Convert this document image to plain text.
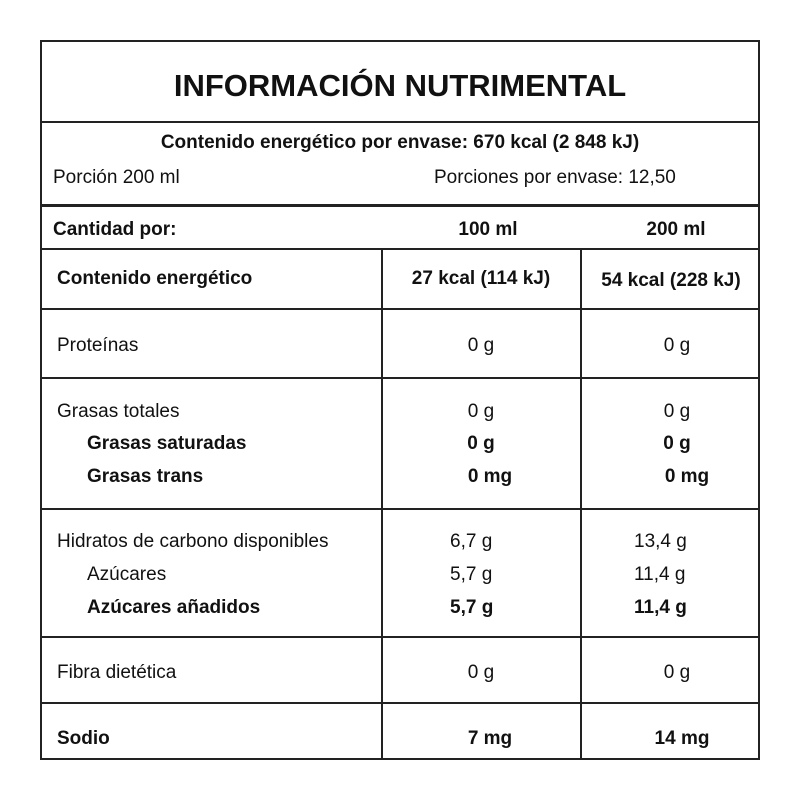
INFORMACIÓN NUTRIMENTAL
Contenido energético por envase: 670 kcal (2 848 kJ)
Porción 200 ml	Porciones por envase: 12,50
Cantidad por:	100 ml	200 ml
Contenido energético	27 kcal (114 kJ)	54 kcal (228 kJ)
Proteínas	0 g	0 g
Grasas totales	0 g	0 g
Grasas saturadas	0 g	0 g
Grasas trans	0 mg	0 mg
Hidratos de carbono disponibles	6,7 g	13,4 g
Azúcares	5,7 g	11,4 g
Azúcares añadidos	5,7 g	11,4 g
Fibra dietética	0 g	0 g
Sodio	7 mg	14 mg
